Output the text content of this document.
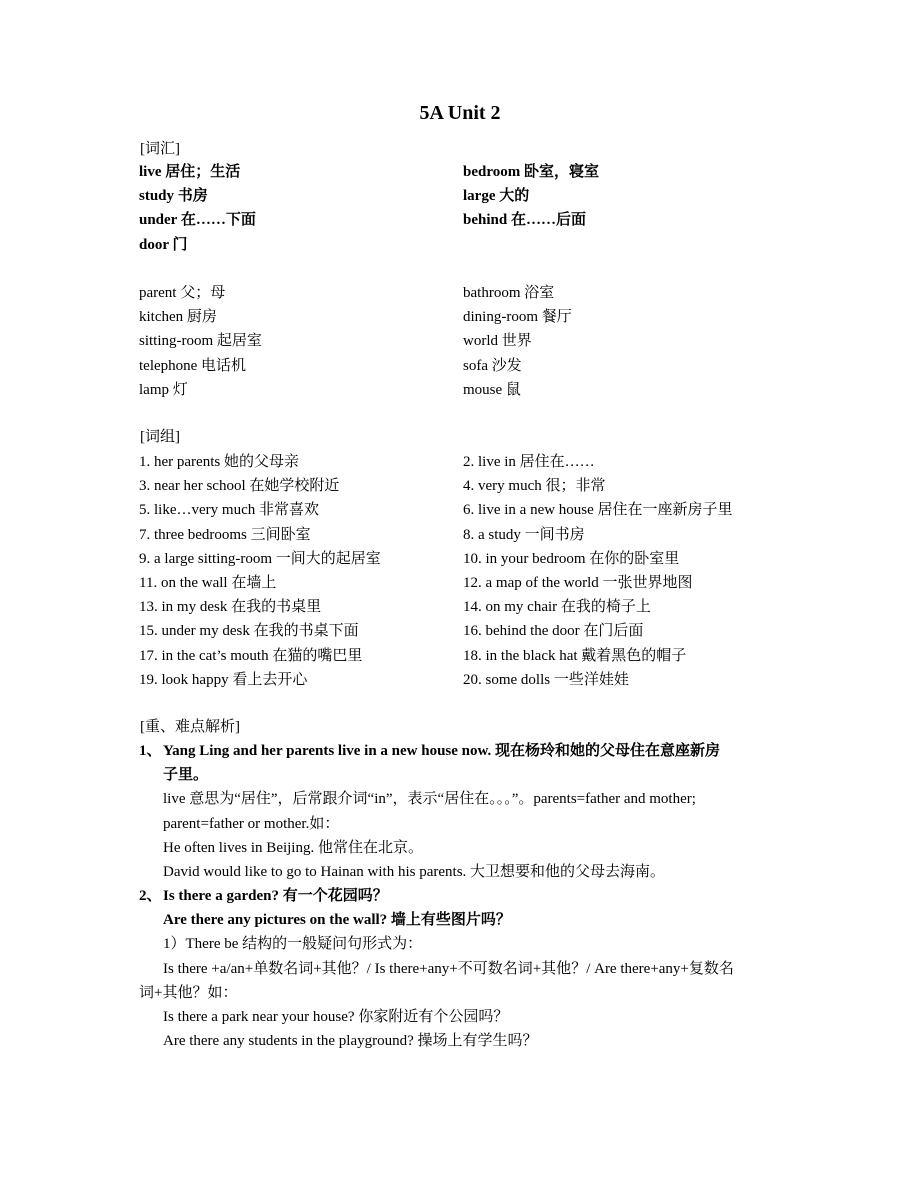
5A Unit 2
[词汇]
live 居住；生活
study 书房
under 在……下面
door 门
bedroom 卧室，寝室
large 大的
behind 在……后面
parent 父；母
kitchen 厨房
sitting-room 起居室
telephone 电话机
lamp 灯
bathroom 浴室
dining-room 餐厅
world 世界
sofa 沙发
mouse 鼠
[词组]
1. her parents 她的父母亲
3. near her school 在她学校附近
5. like…very much 非常喜欢
7. three bedrooms 三间卧室
9. a large sitting-room 一间大的起居室
11. on the wall 在墙上
13. in my desk 在我的书桌里
15. under my desk 在我的书桌下面
17. in the cat’s mouth 在猫的嘴巴里
19. look happy 看上去开心
2. live in 居住在……
4. very much 很；非常
6. live in a new house 居住在一座新房子里
8. a study 一间书房
10. in your bedroom 在你的卧室里
12. a map of the world 一张世界地图
14. on my chair 在我的椅子上
16. behind the door 在门后面
18. in the black hat 戴着黑色的帽子
20. some dolls 一些洋娃娃
[重、难点解析]
1、Yang Ling and her parents live in a new house now. 现在杨玲和她的父母住在意座新房
子里。
live 意思为“居住”，后常跟介词“in”，表示“居住在。。。”。parents=father and mother;
parent=father or mother.如：
He often lives in Beijing. 他常住在北京。
David would like to go to Hainan with his parents. 大卫想要和他的父母去海南。
2、Is there a garden? 有一个花园吗？
Are there any pictures on the wall? 墙上有些图片吗？
1）There be 结构的一般疑问句形式为：
Is there +a/an+单数名词+其他？/ Is there+any+不可数名词+其他？/ Are there+any+复数名
词+其他？如：
Is there a park near your house? 你家附近有个公园吗？
Are there any students in the playground? 操场上有学生吗？
